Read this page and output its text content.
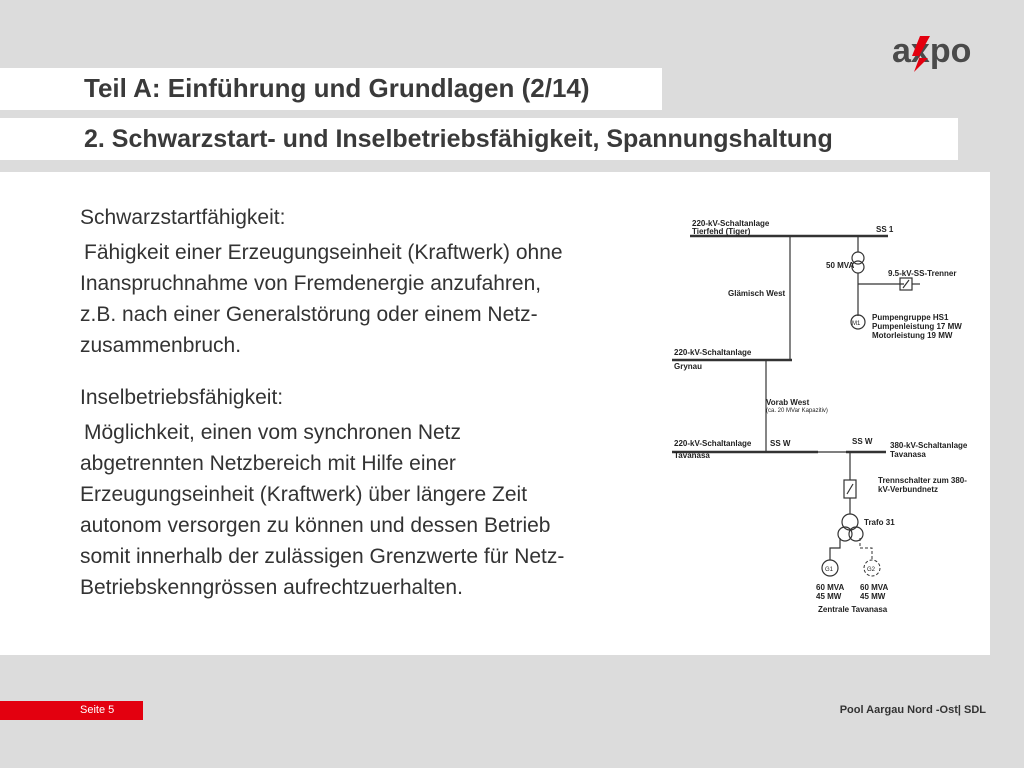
Teil A: Einführung und Grundlagen (2/14)
2. Schwarzstart- und Inselbetriebsfähigkeit, Spannungshaltung
axpo

Schwarzstartfähigkeit:

Fähigkeit einer Erzeugungseinheit (Kraftwerk) ohne

Inanspruchnahme von Fremdenergie anzufahren,

z.B. nach einer Generalstörung oder einem Netz-

zusammenbruch.

Inselbetriebsfähigkeit:

Möglichkeit, einen vom synchronen Netz

abgetrennten Netzbereich mit Hilfe einer

Erzeugungseinheit (Kraftwerk) über längere Zeit

autonom versorgen zu können und dessen Betrieb

somit innerhalb der zulässigen Grenzwerte für Netz-

Betriebskenngrössen aufrechtzuerhalten.

220-kV-Schaltanlage
Tierfehd (Tiger)	SS 1
Glämisch West
220-kV-Schaltanlage
Grynau
Vorab West
(ca. 20 MVar Kapazitiv)
50 MVA
9.5-kV-SS-Trenner
M1
Pumpengruppe HS1
Pumpenleistung 17 MW
Motorleistung 19 MW
220-kV-Schaltanlage
Tavanasa
SS W	SS W 380-kV-Schaltanlage
Tavanasa
Trennschalter zum 380-
kV-Verbundnetz
Trafo 31
G1	G2
60 MVA
45 MW
60 MVA
45 MW
Zentrale Tavanasa
Seite 5	Pool Aargau Nord -Ost| SDL
